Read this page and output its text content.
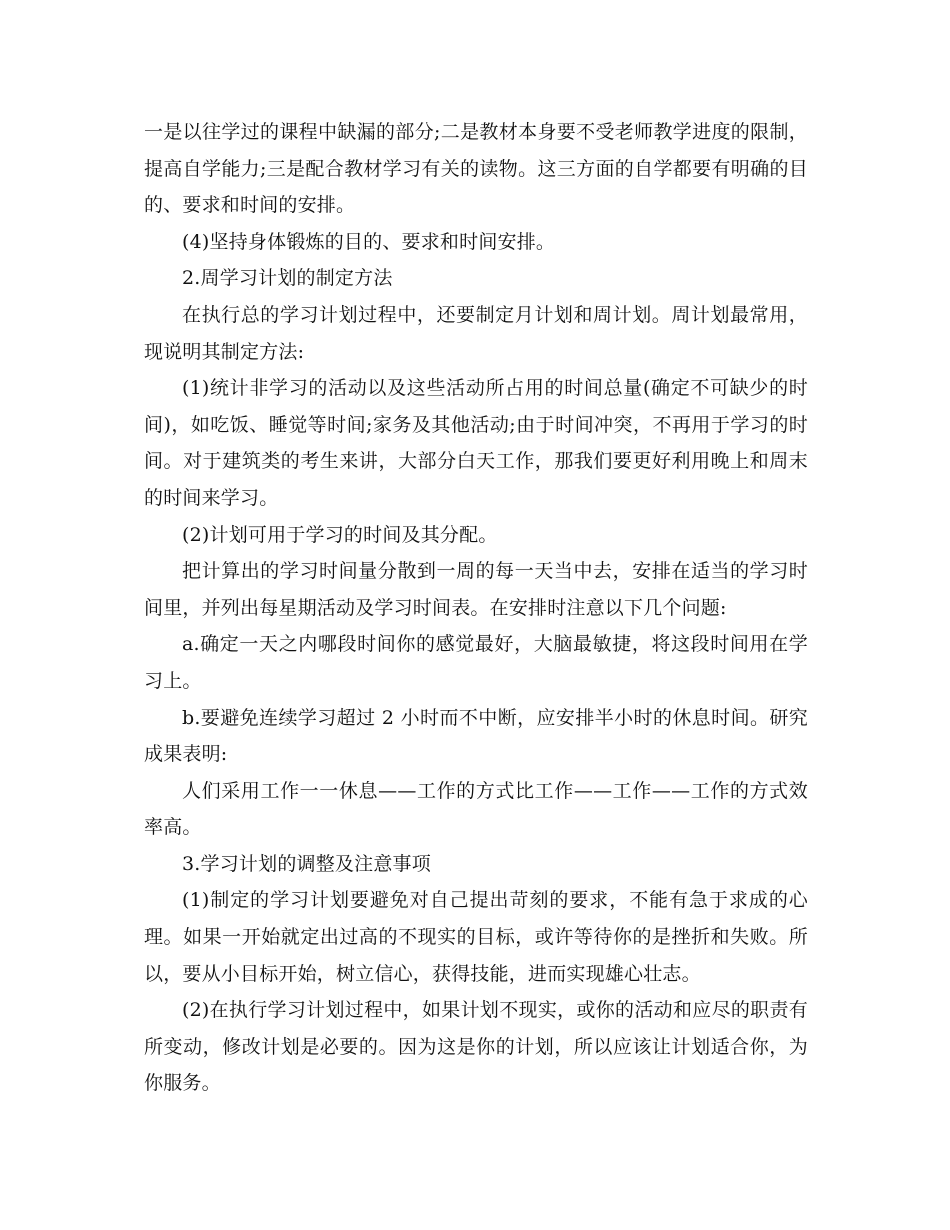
一是以往学过的课程中缺漏的部分;二是教材本身要不受老师教学进度的限制，提高自学能力;三是配合教材学习有关的读物。这三方面的自学都要有明确的目的、要求和时间的安排。

(4)坚持身体锻炼的目的、要求和时间安排。

2.周学习计划的制定方法

在执行总的学习计划过程中，还要制定月计划和周计划。周计划最常用，现说明其制定方法:

(1)统计非学习的活动以及这些活动所占用的时间总量(确定不可缺少的时间)，如吃饭、睡觉等时间;家务及其他活动;由于时间冲突，不再用于学习的时间。对于建筑类的考生来讲，大部分白天工作，那我们要更好利用晚上和周末的时间来学习。

(2)计划可用于学习的时间及其分配。

把计算出的学习时间量分散到一周的每一天当中去，安排在适当的学习时间里，并列出每星期活动及学习时间表。在安排时注意以下几个问题:

a.确定一天之内哪段时间你的感觉最好，大脑最敏捷，将这段时间用在学习上。

b.要避免连续学习超过 2 小时而不中断，应安排半小时的休息时间。研究成果表明:

人们采用工作一一休息——工作的方式比工作——工作——工作的方式效率高。

3.学习计划的调整及注意事项

(1)制定的学习计划要避免对自己提出苛刻的要求，不能有急于求成的心理。如果一开始就定出过高的不现实的目标，或许等待你的是挫折和失败。所以，要从小目标开始，树立信心，获得技能，进而实现雄心壮志。

(2)在执行学习计划过程中，如果计划不现实，或你的活动和应尽的职责有所变动，修改计划是必要的。因为这是你的计划，所以应该让计划适合你，为你服务。
